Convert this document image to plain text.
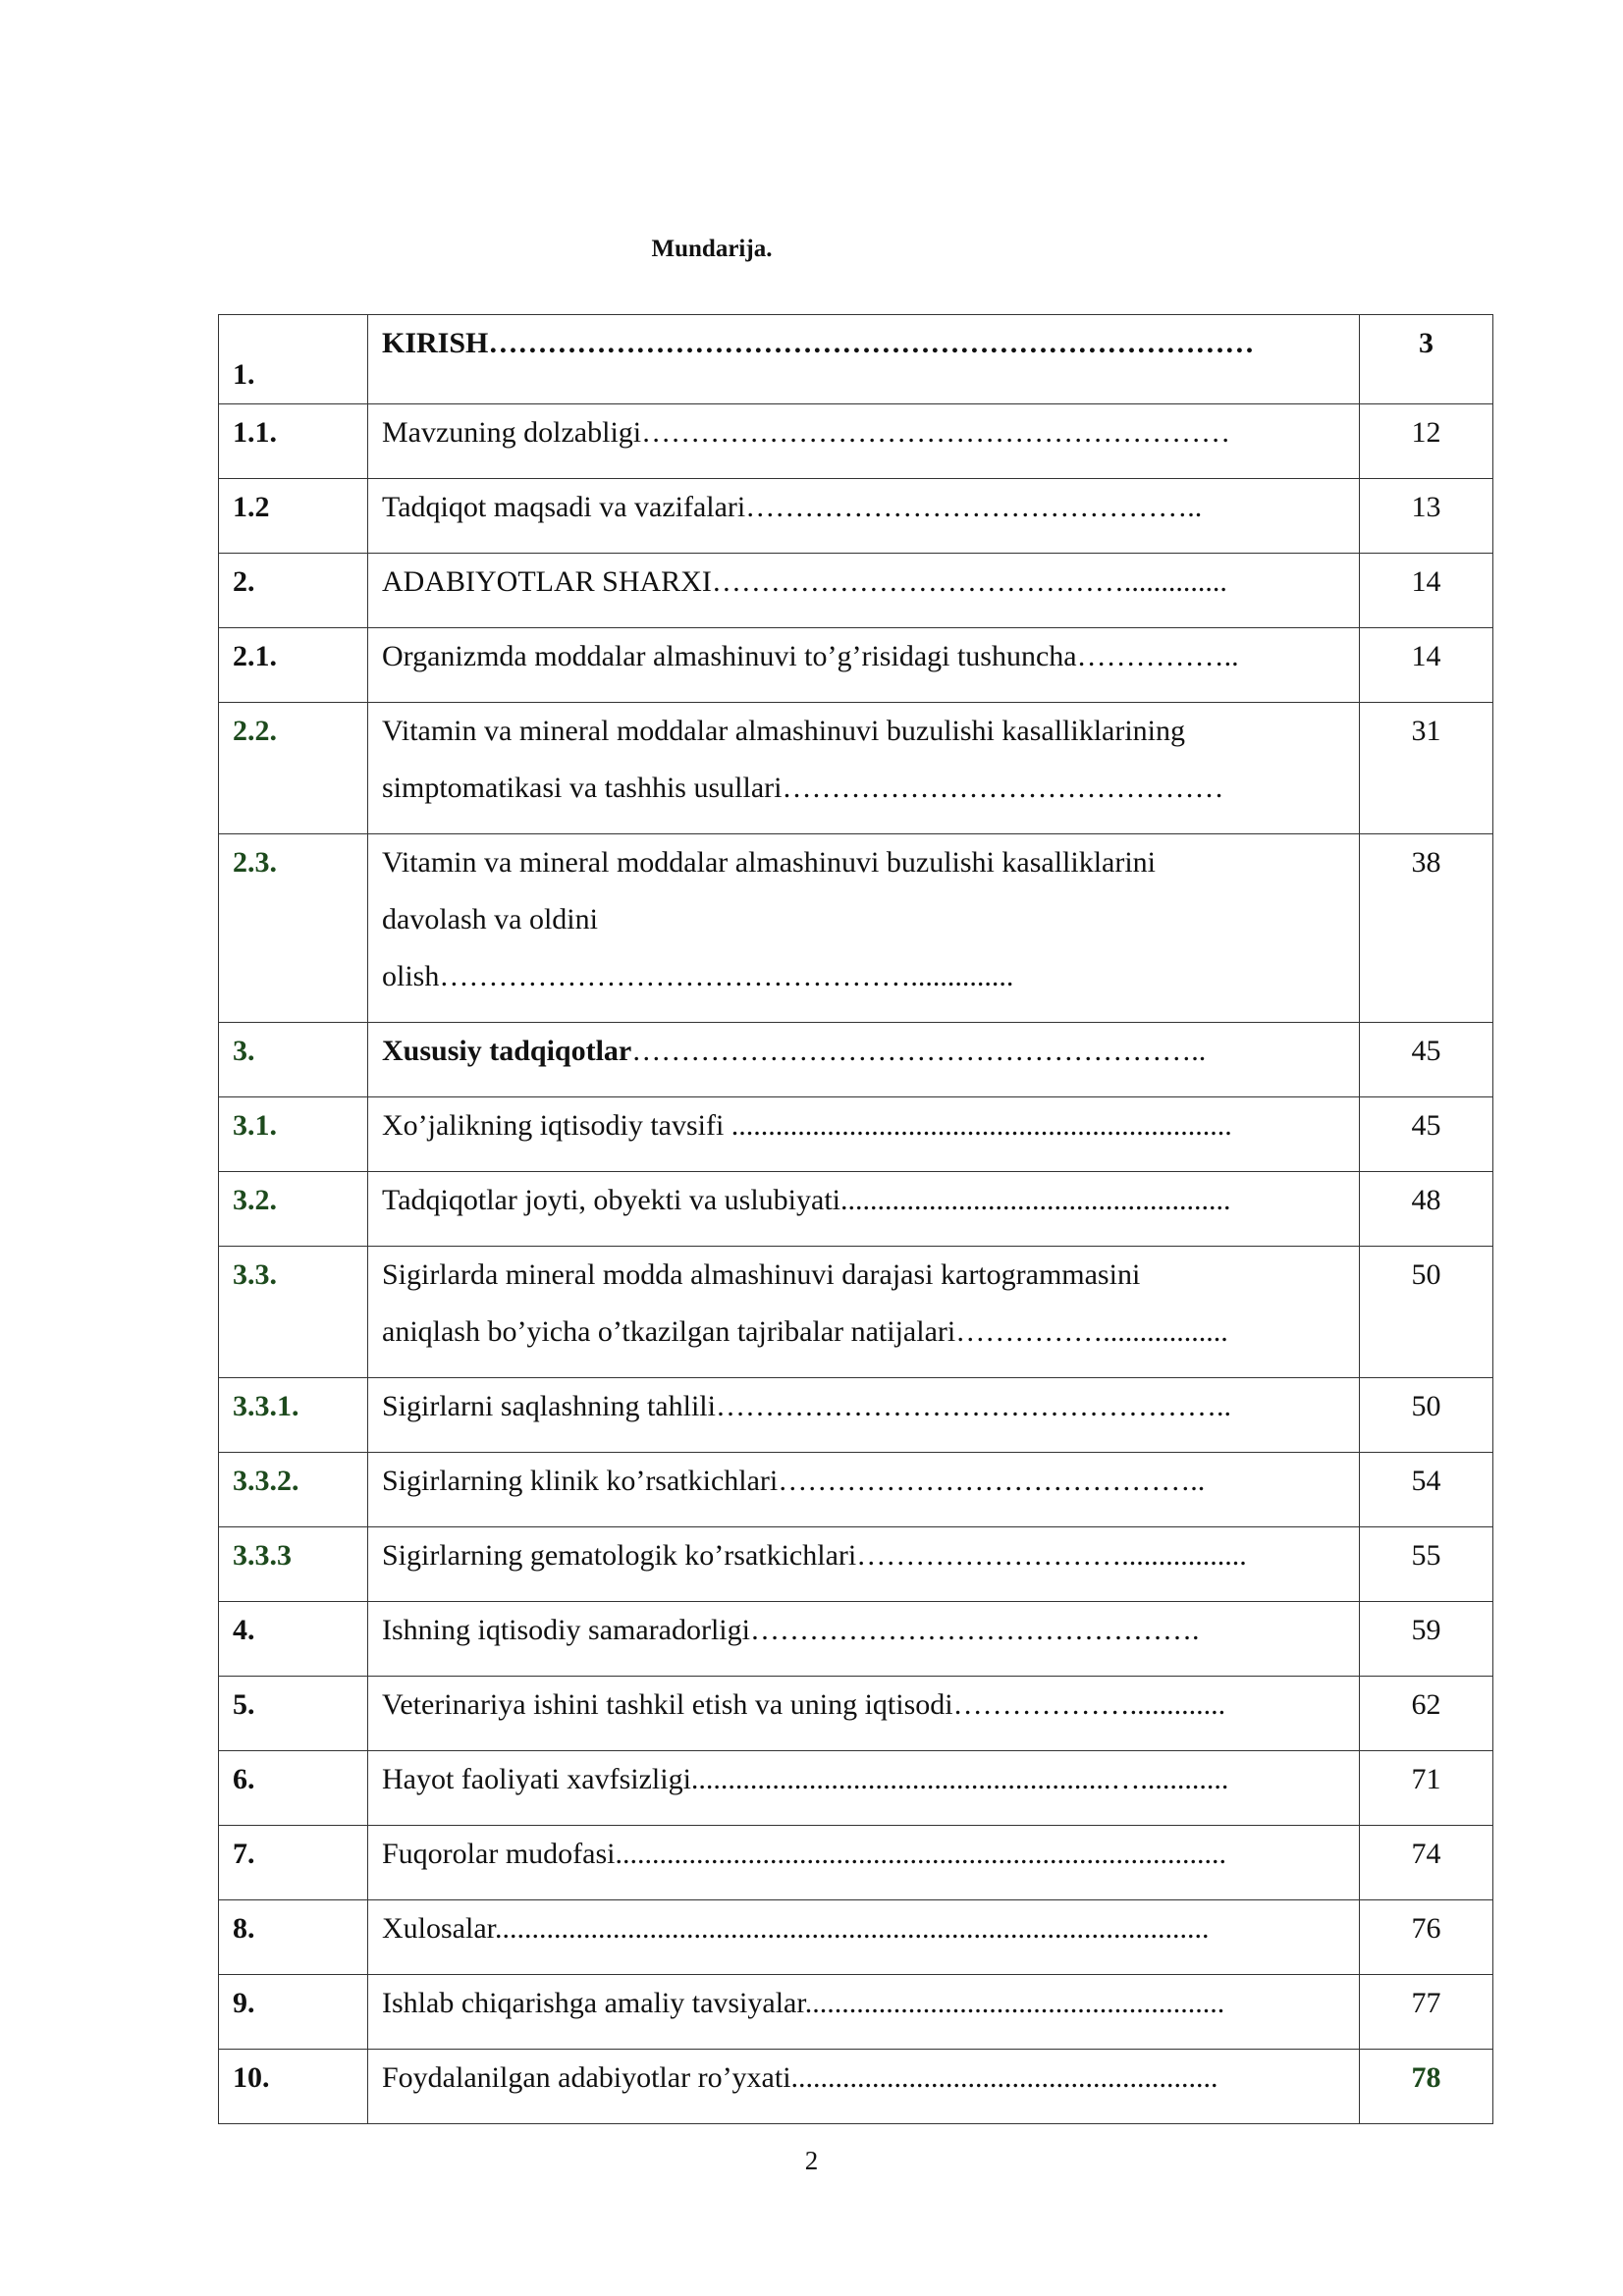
Mundarija.
1.	KIRISH……………………………………………………………………	3
1.1.	Mavzuning dolzabligi……………………………………………………	12
1.2	Tadqiqot maqsadi va vazifalari………………………………………..	13
2.	ADABIYOTLAR SHARXI……………………………………..............	14
2.1.	Organizmda moddalar almashinuvi to’g’risidagi tushuncha……………..	14
2.2.	Vitamin va mineral moddalar almashinuvi buzulishi kasalliklarining
simptomatikasi va tashhis usullari………………………………………	31
2.3.	Vitamin va mineral moddalar almashinuvi buzulishi kasalliklarini
davolash va oldini
olish…………………………………………..............	38
3.	Xususiy tadqiqotlar…………………………………………………..	45
3.1.	Xo’jalikning iqtisodiy tavsifi ....................................................................	45
3.2.	Tadqiqotlar joyti, obyekti va uslubiyati.....................................................	48
3.3.	Sigirlarda mineral modda almashinuvi darajasi kartogrammasini
aniqlash bo’yicha o’tkazilgan tajribalar natijalari…………….................	50
3.3.1.	Sigirlarni saqlashning tahlili……………………………………………..	50
3.3.2.	Sigirlarning klinik ko’rsatkichlari……………………………………..	54
3.3.3	Sigirlarning gematologik ko’rsatkichlari……………………….................	55
4.	Ishning iqtisodiy samaradorligi……………………………………….	59
5.	Veterinariya ishini tashkil etish va uning iqtisodi……………….............	62
6.	Hayot faoliyati xavfsizligi.........................................................…............	71
7.	Fuqorolar mudofasi...................................................................................	74
8.	Xulosalar.................................................................................................	76
9.	Ishlab chiqarishga amaliy tavsiyalar.........................................................	77
10.	Foydalanilgan adabiyotlar ro’yxati..........................................................	78
2
